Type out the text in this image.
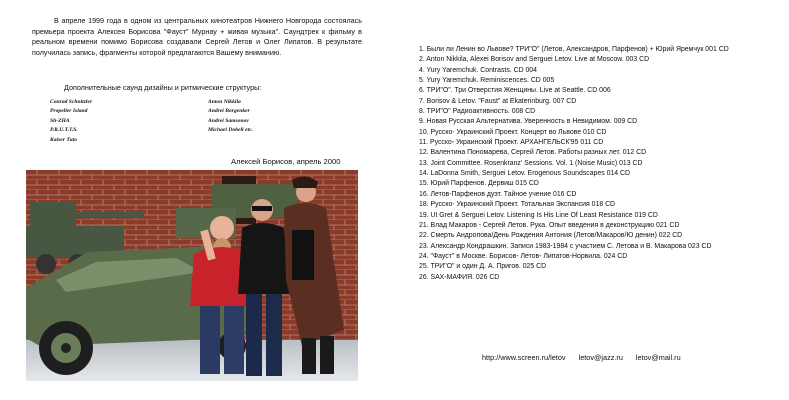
В апреле 1999 года в одном из центральных кинотеатров Нижнего Новгорода состоялась премьера проекта Алексея Борисова "Фауст" Мурнау + живая музыка". Саундтрек к фильму в реальном времени помимо Борисова создавали Сергей Летов и Олег Липатов. В результате получилась запись, фрагменты которой предлагаются Вашему вниманию.

Дополнительные саунд дизайны и ритмические структуры:
Conrad Schnitzler
Propeller Island
Sh-ZHA
P.R.U.T.T.S.
Kaiser Tuto
Anton Nikkila
Andrei Borgenker
Andrei Samsonov
Michael Dobell etc.
Алексей Борисов, апрель 2000
1. Были ли Ленин во Львове? ТРИ"О" (Летов, Александров, Парфенов) + Юрий Яремчук 001 CD
2. Anton Nikkila, Alexei Borisov and Serguei Letov. Live at Moscow. 003 CD
4. Yury Yaremchuk. Contrasts. CD 004
5. Yury Yaremchuk. Reminiscences. CD 005
6. ТРИ"О". Три Отверстия Женщины. Live at Seattle. CD 006
7. Borisov & Letov. "Faust" at Ekaterinburg. 007 CD
8. ТРИ"О" Радиоактивность. 008 CD
9. Новая Русская Альтернатива. Уверенность в Невидимом. 009 CD
10. Русско- Украинский Проект. Концерт во Львове 010 CD
11. Русско- Украинский Проект. АРХАНГЕЛЬСК'95 011 CD
12. Валентина Пономарева, Сергей Летов. Работы разных лет. 012 CD
13. Joint Committee. Rosenkranz' Sessions. Vol. 1 (Noise Music) 013 CD
14. LaDonna Smith, Serguei Letov. Erogenous Soundscapes 014 CD
15. Юрий Парфенов. Дервиш 015 CD
16. Летов-Парфенов дуэт. Тайное учение 016 CD
18. Русско- Украинский Проект. Тотальная Экспансия 018 CD
19. Ut Gret & Serguei Letov. Listening Is His Line Of Least Resistance 019 CD
21. Влад Макаров - Сергей Летов. Рука. Опыт введения в деконструкцию 021 CD
22. Смерть Андропова/День Рождения Антония (Летов/Макаров/Ю денин) 022 CD
23. Александр Кондрашкин. Записи 1983-1984 с участием С. Летова и В. Макарова 023 CD
24. "Фауст" в Москве. Борисов- Летов- Липатов-Норвила. 024 CD
25. ТРИ"О" и один Д. А. Пригов. 025 CD
26. SAX-MAФИЯ. 026 CD
http://www.screen.ru/letov letov@jazz.ru letov@mail.ru
